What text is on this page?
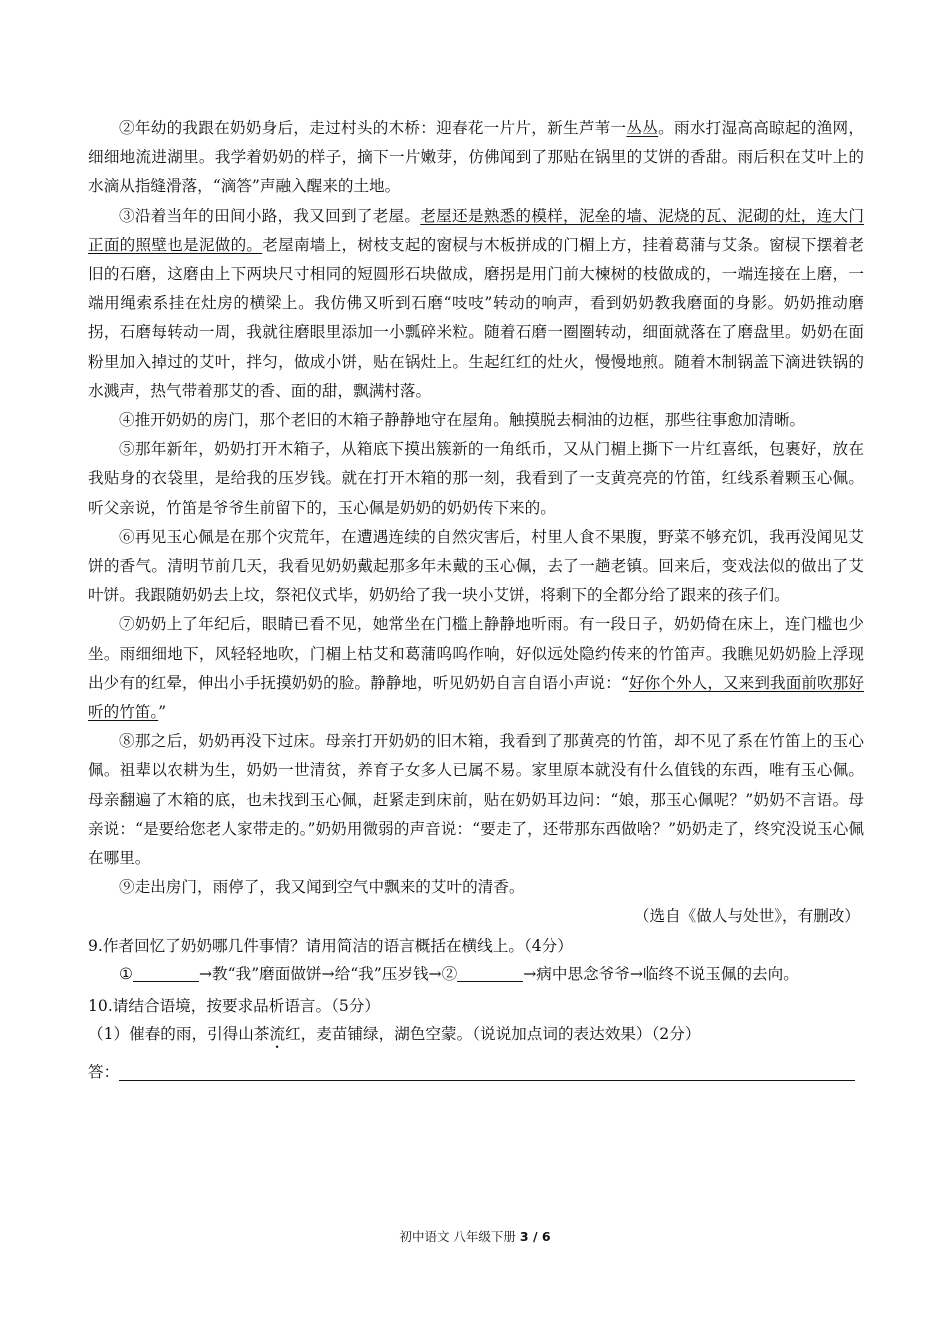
②年幼的我跟在奶奶身后，走过村头的木桥：迎春花一片片，新生芦苇一丛丛。雨水打湿高高晾起的渔网，细细地流进湖里。我学着奶奶的样子，摘下一片嫩芽，仿佛闻到了那贴在锅里的艾饼的香甜。雨后积在艾叶上的水滴从指缝滑落，“滴答”声融入醒来的土地。

③沿着当年的田间小路，我又回到了老屋。老屋还是熟悉的模样，泥垒的墙、泥烧的瓦、泥砌的灶，连大门正面的照壁也是泥做的。老屋南墙上，树枝支起的窗棂与木板拼成的门楣上方，挂着葛蒲与艾条。窗棂下摆着老旧的石磨，这磨由上下两块尺寸相同的短圆形石块做成，磨拐是用门前大楝树的枝做成的，一端连接在上磨，一端用绳索系挂在灶房的横梁上。我仿佛又听到石磨“吱吱”转动的响声，看到奶奶教我磨面的身影。奶奶推动磨拐，石磨每转动一周，我就往磨眼里添加一小瓢碎米粒。随着石磨一圈圈转动，细面就落在了磨盘里。奶奶在面粉里加入掉过的艾叶，拌匀，做成小饼，贴在锅灶上。生起红红的灶火，慢慢地煎。随着木制锅盖下滴进铁锅的水溅声，热气带着那艾的香、面的甜，飘满村落。

④推开奶奶的房门，那个老旧的木箱子静静地守在屋角。触摸脱去桐油的边框，那些往事愈加清晰。

⑤那年新年，奶奶打开木箱子，从箱底下摸出簇新的一角纸币，又从门楣上撕下一片红喜纸，包裹好，放在我贴身的衣袋里，是给我的压岁钱。就在打开木箱的那一刻，我看到了一支黄亮亮的竹笛，红线系着颗玉心佩。听父亲说，竹笛是爷爷生前留下的，玉心佩是奶奶的奶奶传下来的。

⑥再见玉心佩是在那个灾荒年，在遭遇连续的自然灾害后，村里人食不果腹，野菜不够充饥，我再没闻见艾饼的香气。清明节前几天，我看见奶奶戴起那多年未戴的玉心佩，去了一趟老镇。回来后，变戏法似的做出了艾叶饼。我跟随奶奶去上坟，祭祀仪式毕，奶奶给了我一块小艾饼，将剩下的全都分给了跟来的孩子们。

⑦奶奶上了年纪后，眼睛已看不见，她常坐在门槛上静静地听雨。有一段日子，奶奶倚在床上，连门槛也少坐。雨细细地下，风轻轻地吹，门楣上枯艾和葛蒲呜呜作响，好似远处隐约传来的竹笛声。我瞧见奶奶脸上浮现出少有的红晕，伸出小手抚摸奶奶的脸。静静地，听见奶奶自言自语小声说：“好你个外人，又来到我面前吹那好听的竹笛。”

⑧那之后，奶奶再没下过床。母亲打开奶奶的旧木箱，我看到了那黄亮的竹笛，却不见了系在竹笛上的玉心佩。祖辈以农耕为生，奶奶一世清贫，养育子女多人已属不易。家里原本就没有什么值钱的东西，唯有玉心佩。母亲翻遍了木箱的底，也未找到玉心佩，赶紧走到床前，贴在奶奶耳边问：“娘，那玉心佩呢？”奶奶不言语。母亲说：“是要给您老人家带走的。”奶奶用微弱的声音说：“要走了，还带那东西做啥？”奶奶走了，终究没说玉心佩在哪里。

⑨走出房门，雨停了，我又闻到空气中飘来的艾叶的清香。

（选自《做人与处世》，有删改）

9.作者回忆了奶奶哪几件事情？请用简洁的语言概括在横线上。（4分）

①	→教“我”磨面做饼→给“我”压岁钱→②	→病中思念爷爷→临终不说玉佩的去向。

10.请结合语境，按要求品析语言。（5分）

（1）催春的雨，引得山茶流红，麦苗铺绿，湖色空蒙。（说说加点词的表达效果）（2分）

答：

初中语文 八年级下册 3 / 6
